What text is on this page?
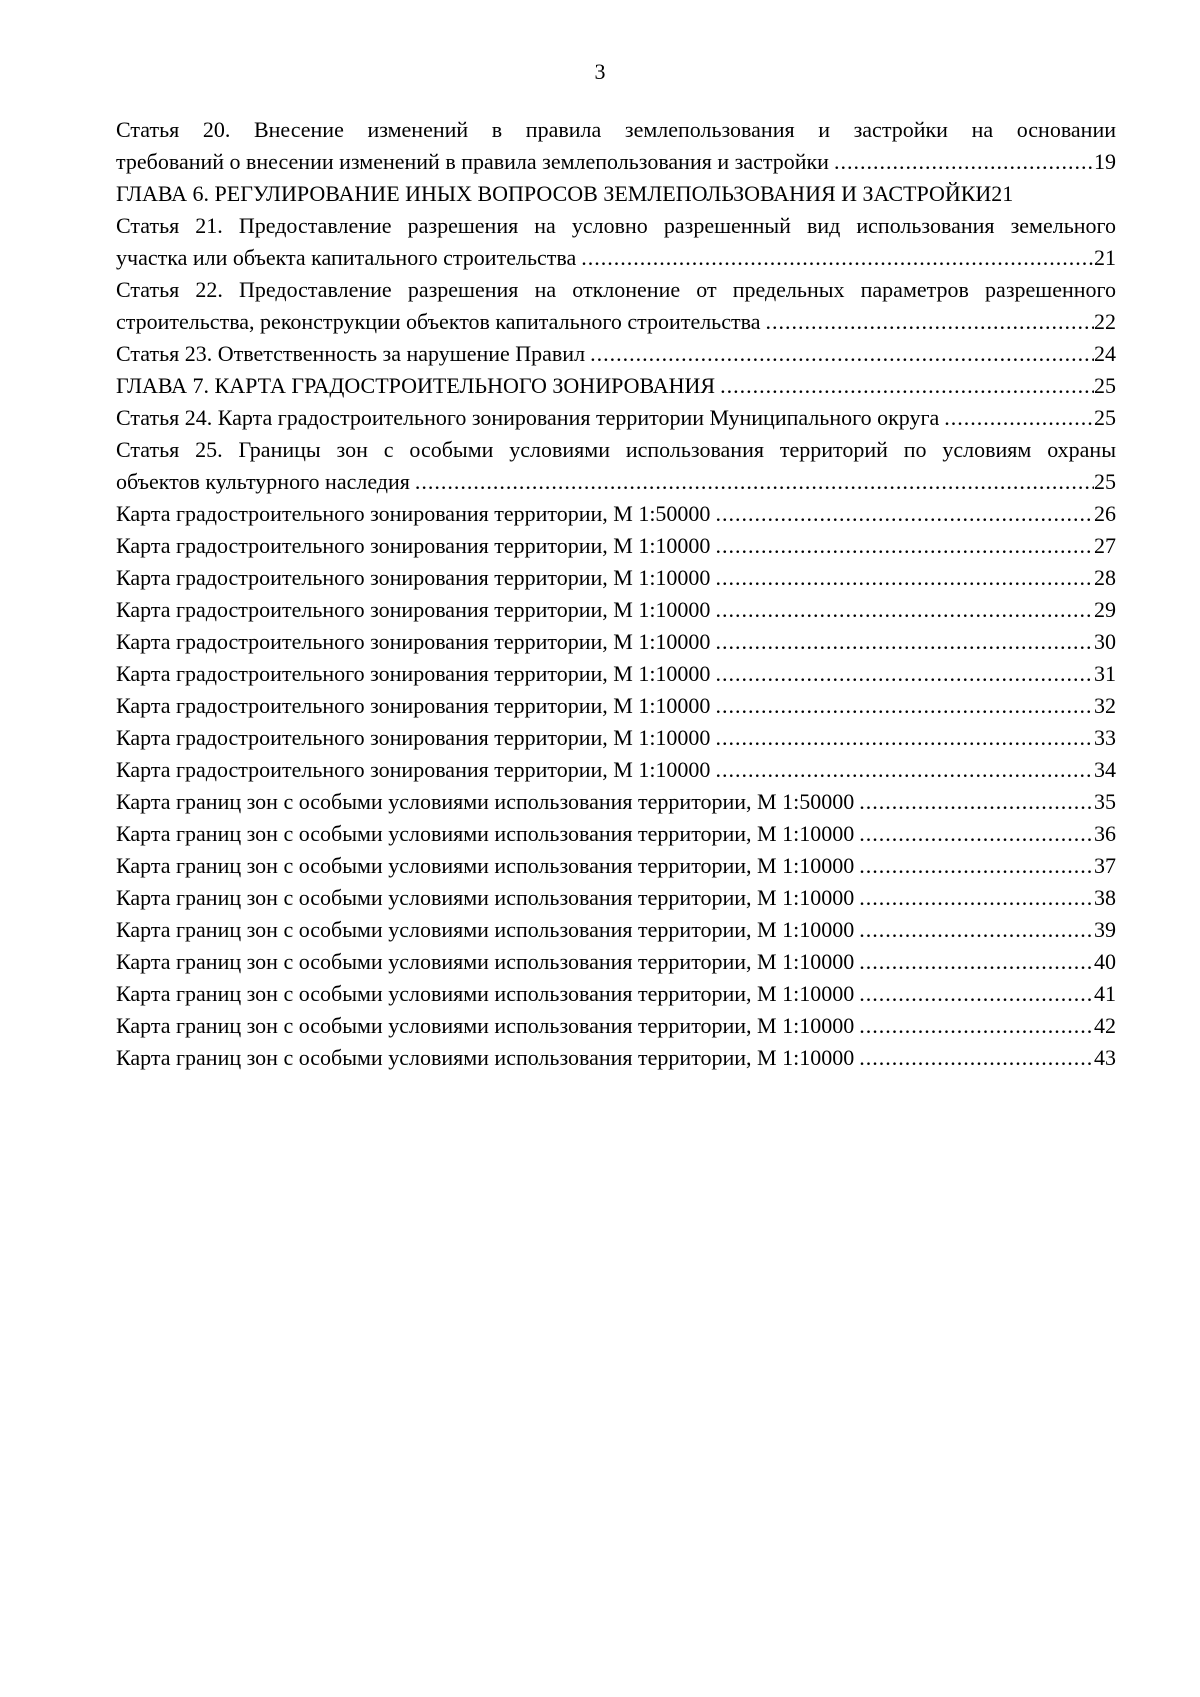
3
Статья 20. Внесение изменений в правила землепользования и застройки на основании
требований о внесении изменений в правила землепользования и застройки .....	19
ГЛАВА 6. РЕГУЛИРОВАНИЕ ИНЫХ ВОПРОСОВ ЗЕМЛЕПОЛЬЗОВАНИЯ И ЗАСТРОЙКИ 21
Статья 21. Предоставление разрешения на условно разрешенный вид использования земельного
участка или объекта капитального строительства .....	21
Статья 22. Предоставление разрешения на отклонение от предельных параметров разрешенного
строительства, реконструкции объектов капитального строительства .....	22
Статья 23. Ответственность за нарушение Правил .....	24
ГЛАВА 7. КАРТА ГРАДОСТРОИТЕЛЬНОГО ЗОНИРОВАНИЯ .....	25
Статья 24. Карта градостроительного зонирования территории Муниципального округа .....	25
Статья 25. Границы зон с особыми условиями использования территорий по условиям охраны
объектов культурного наследия .....	25
Карта градостроительного зонирования территории, М 1:50000 .....	26
Карта градостроительного зонирования территории, М 1:10000 .....	27
Карта градостроительного зонирования территории, М 1:10000 .....	28
Карта градостроительного зонирования территории, М 1:10000 .....	29
Карта градостроительного зонирования территории, М 1:10000 .....	30
Карта градостроительного зонирования территории, М 1:10000 .....	31
Карта градостроительного зонирования территории, М 1:10000 .....	32
Карта градостроительного зонирования территории, М 1:10000 .....	33
Карта градостроительного зонирования территории, М 1:10000 .....	34
Карта границ зон с особыми условиями использования территории, М 1:50000 .....	35
Карта границ зон с особыми условиями использования территории, М 1:10000 .....	36
Карта границ зон с особыми условиями использования территории, М 1:10000 .....	37
Карта границ зон с особыми условиями использования территории, М 1:10000 .....	38
Карта границ зон с особыми условиями использования территории, М 1:10000 .....	39
Карта границ зон с особыми условиями использования территории, М 1:10000 .....	40
Карта границ зон с особыми условиями использования территории, М 1:10000 .....	41
Карта границ зон с особыми условиями использования территории, М 1:10000 .....	42
Карта границ зон с особыми условиями использования территории, М 1:10000 .....	43
